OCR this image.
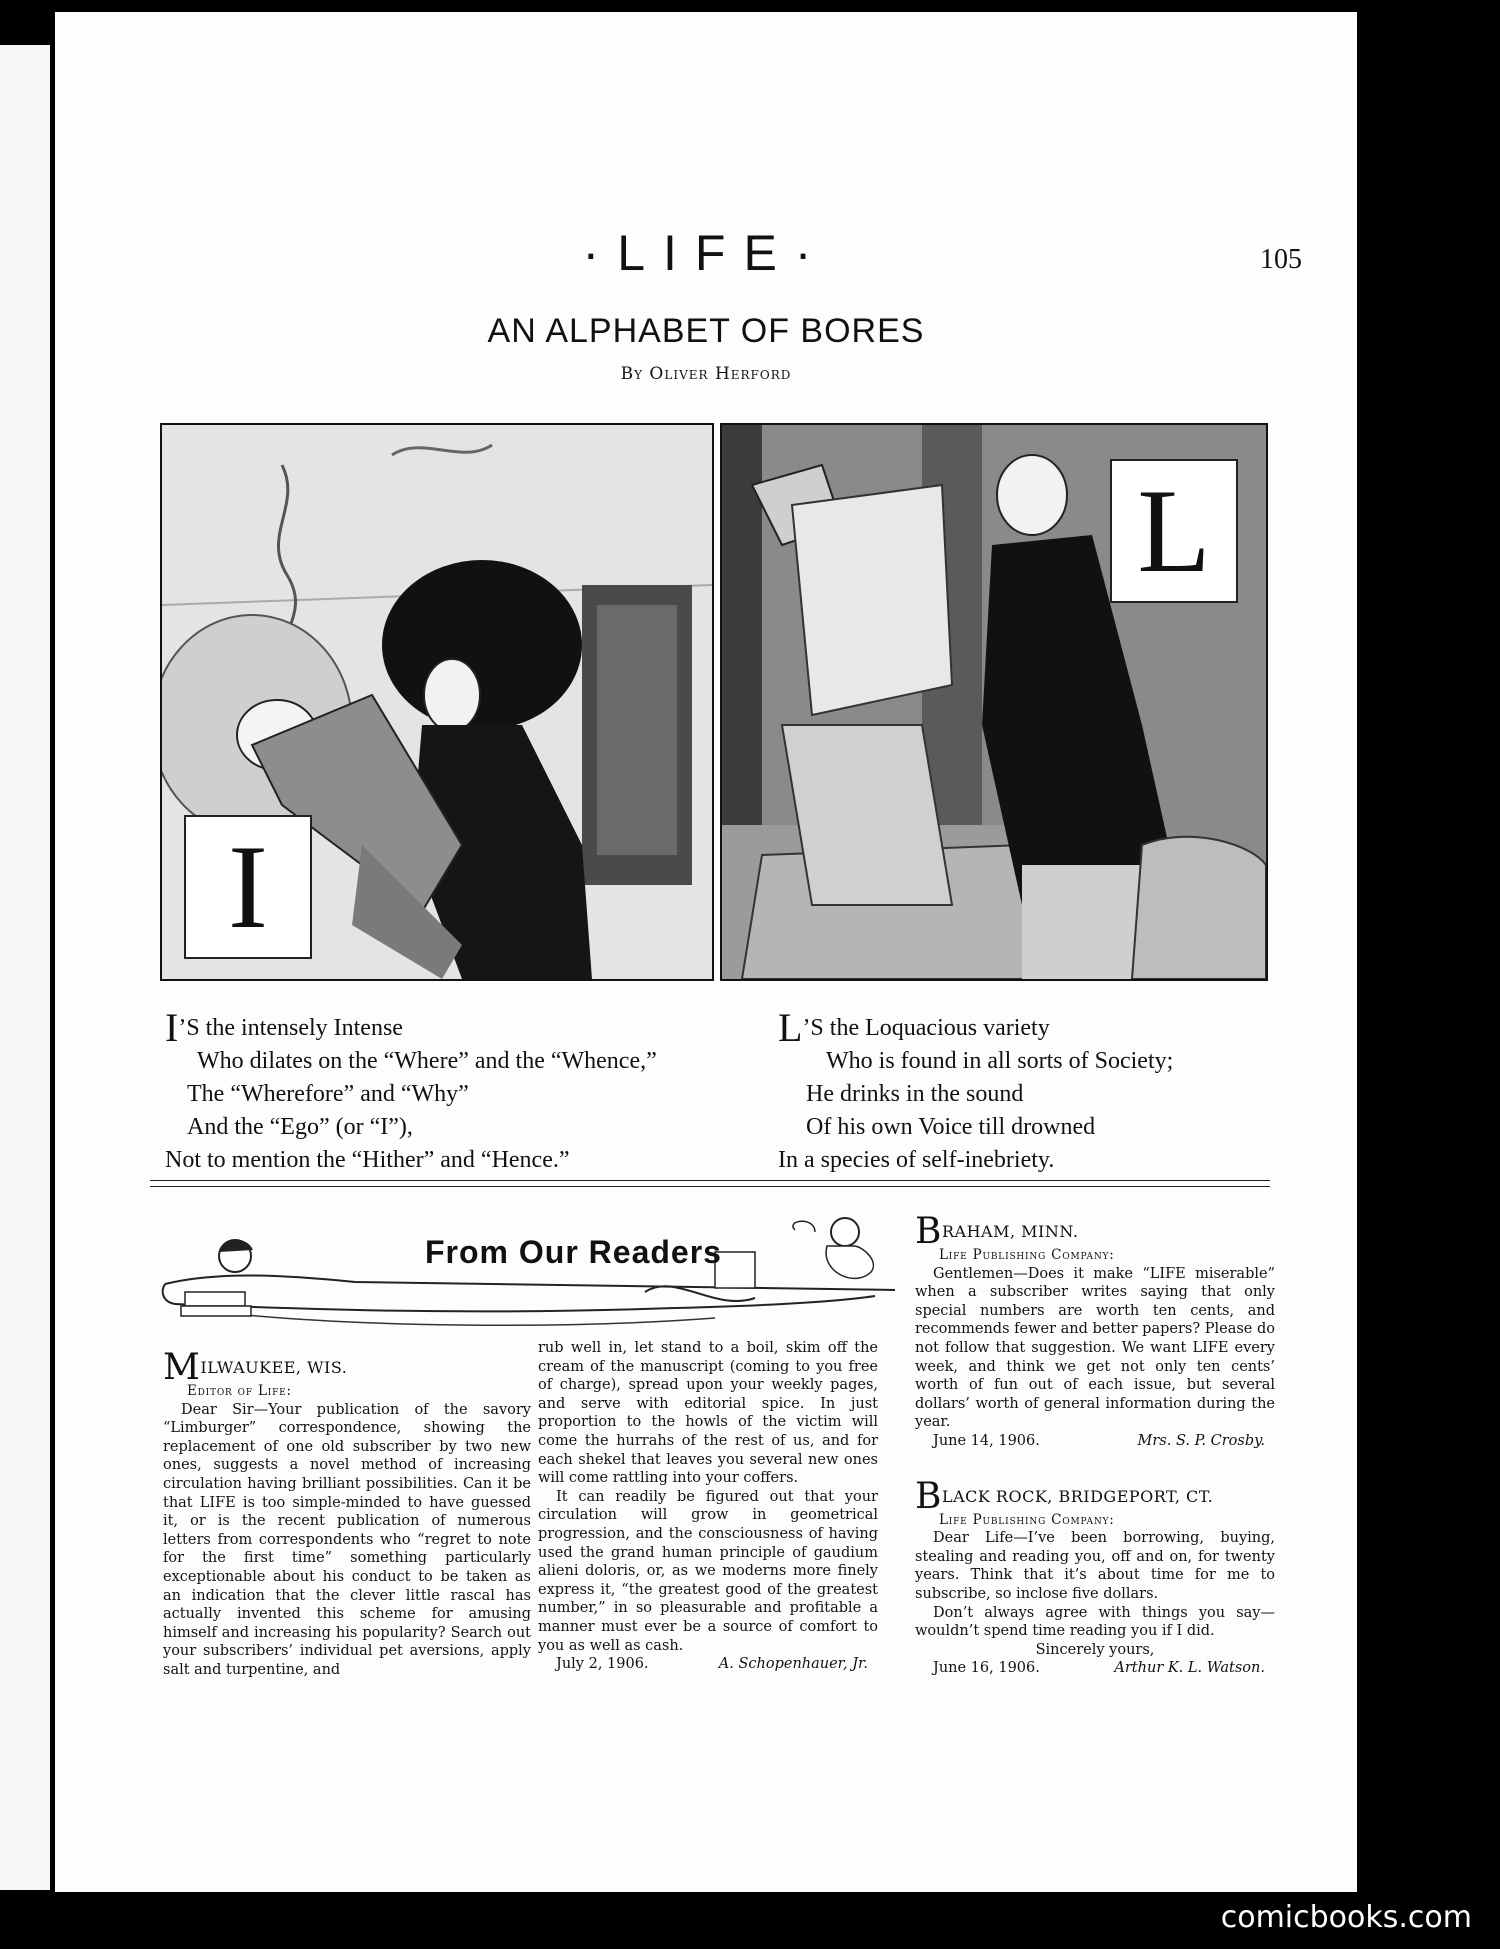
·LIFE·	105
AN ALPHABET OF BORES
By Oliver Herford
I
L

I’S the intensely Intense

Who dilates on the “Where” and the “Whence,”

The “Wherefore” and “Why”

And the “Ego” (or “I”),

Not to mention the “Hither” and “Hence.”

L’S the Loquacious variety

Who is found in all sorts of Society;

He drinks in the sound

Of his own Voice till drowned

In a species of self-inebriety.

From Our Readers

MILWAUKEE, WIS.

Editor of Life:

Dear Sir—Your publication of the savory “Limburger” correspondence, showing the replacement of one old subscriber by two new ones, suggests a novel method of increasing circulation having brilliant possibilities. Can it be that LIFE is too simple-minded to have guessed it, or is the recent publication of numerous letters from correspondents who “regret to note for the first time” something particularly exceptionable about his conduct to be taken as an indication that the clever little rascal has actually invented this scheme for amusing himself and increasing his popularity? Search out your subscribers’ individual pet aversions, apply salt and turpentine, and

rub well in, let stand to a boil, skim off the cream of the manuscript (coming to you free of charge), spread upon your weekly pages, and serve with editorial spice. In just proportion to the howls of the victim will come the hurrahs of the rest of us, and for each shekel that leaves you several new ones will come rattling into your coffers.

It can readily be figured out that your circulation will grow in geometrical progression, and the consciousness of having used the grand human principle of gaudium alieni doloris, or, as we moderns more finely express it, “the greatest good of the greatest number,” in so pleasurable and profitable a manner must ever be a source of comfort to you as well as cash.

July 2, 1906.	A. Schopenhauer, Jr.

BRAHAM, MINN.

Life Publishing Company:

Gentlemen—Does it make “LIFE miserable” when a subscriber writes saying that only special numbers are worth ten cents, and recommends fewer and better papers? Please do not follow that suggestion. We want LIFE every week, and think we get not only ten cents’ worth of fun out of each issue, but several dollars’ worth of general information during the year.

June 14, 1906.	Mrs. S. P. Crosby.

BLACK ROCK, BRIDGEPORT, CT.

Life Publishing Company:

Dear Life—I’ve been borrowing, buying, stealing and reading you, off and on, for twenty years. Think that it’s about time for me to subscribe, so inclose five dollars.

Don’t always agree with things you say—wouldn’t spend time reading you if I did.

Sincerely yours,

June 16, 1906.	Arthur K. L. Watson.

comicbooks.com
